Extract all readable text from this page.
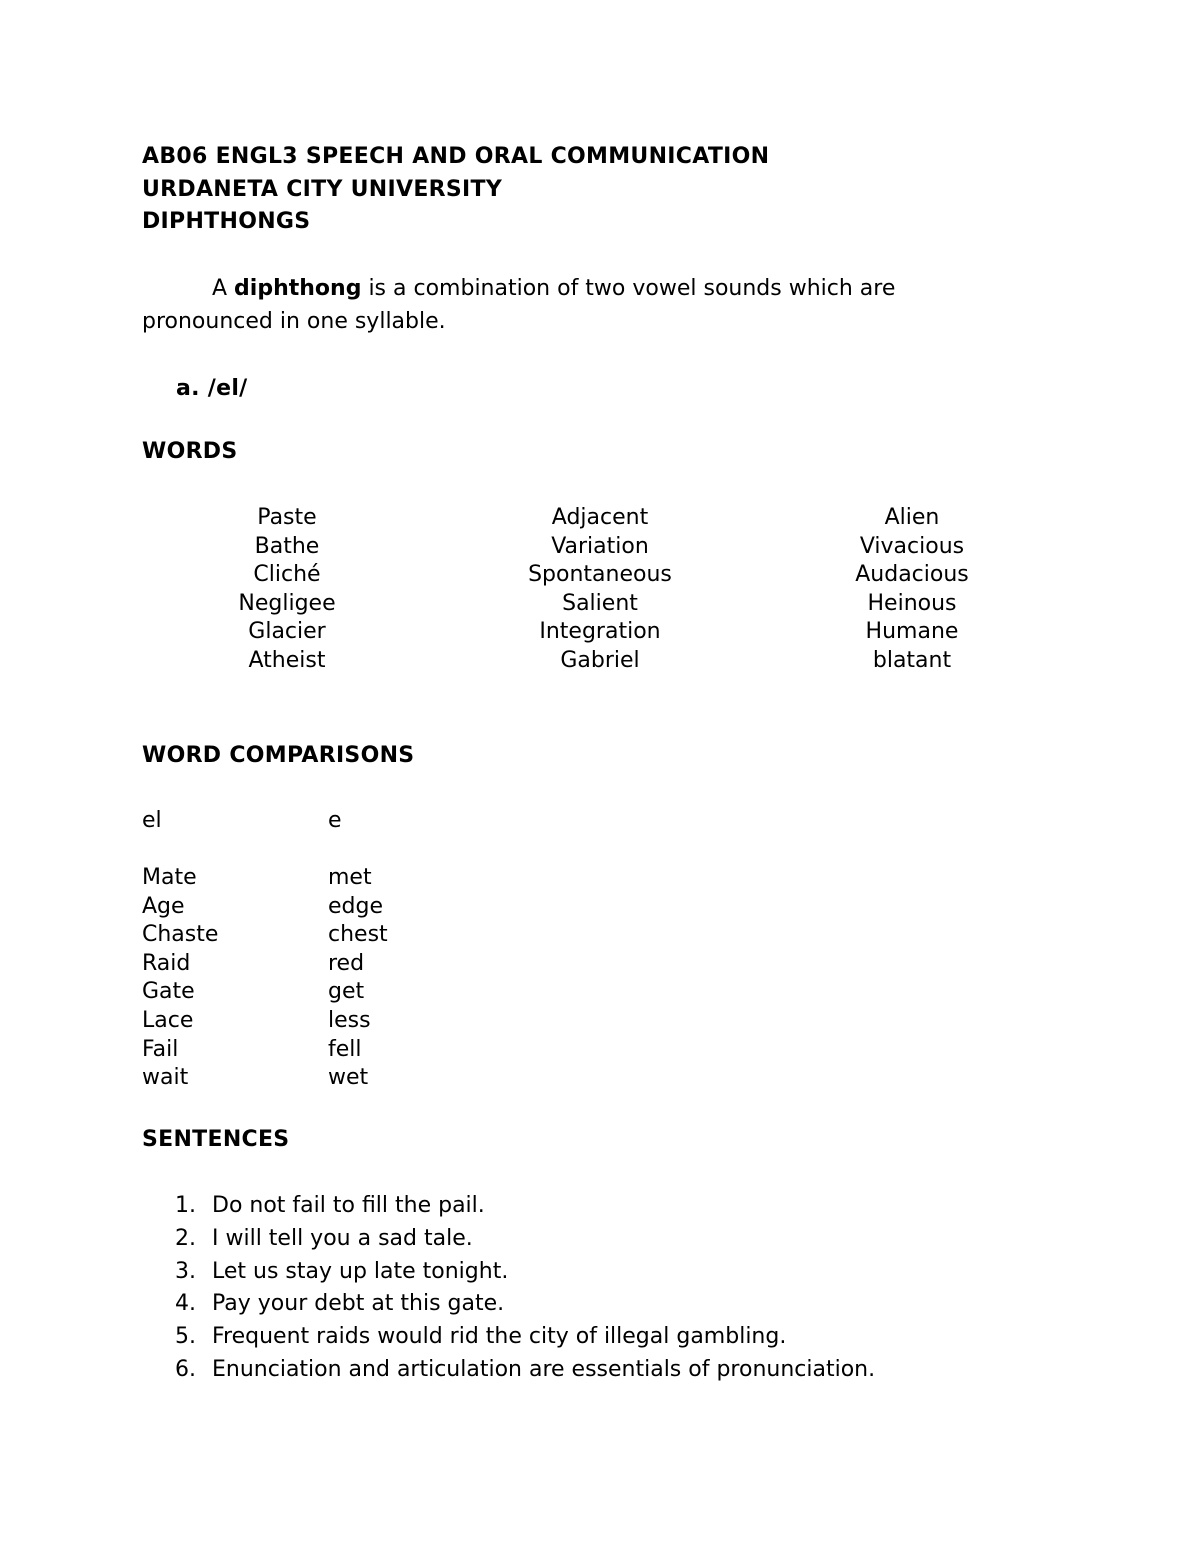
AB06 ENGL3 SPEECH AND ORAL COMMUNICATION
URDANETA CITY UNIVERSITY
DIPHTHONGS
A diphthong is a combination of two vowel sounds which are
pronounced in one syllable.
a. /el/
WORDS
Paste
Bathe
Cliché
Negligee
Glacier
Atheist
Adjacent
Variation
Spontaneous
Salient
Integration
Gabriel
Alien
Vivacious
Audacious
Heinous
Humane
blatant
WORD COMPARISONS
el	e
Mate
Age
Chaste
Raid
Gate
Lace
Fail
wait
met
edge
chest
red
get
less
fell
wet
SENTENCES
1. Do not fail to fill the pail.
2. I will tell you a sad tale.
3. Let us stay up late tonight.
4. Pay your debt at this gate.
5. Frequent raids would rid the city of illegal gambling.
6. Enunciation and articulation are essentials of pronunciation.
